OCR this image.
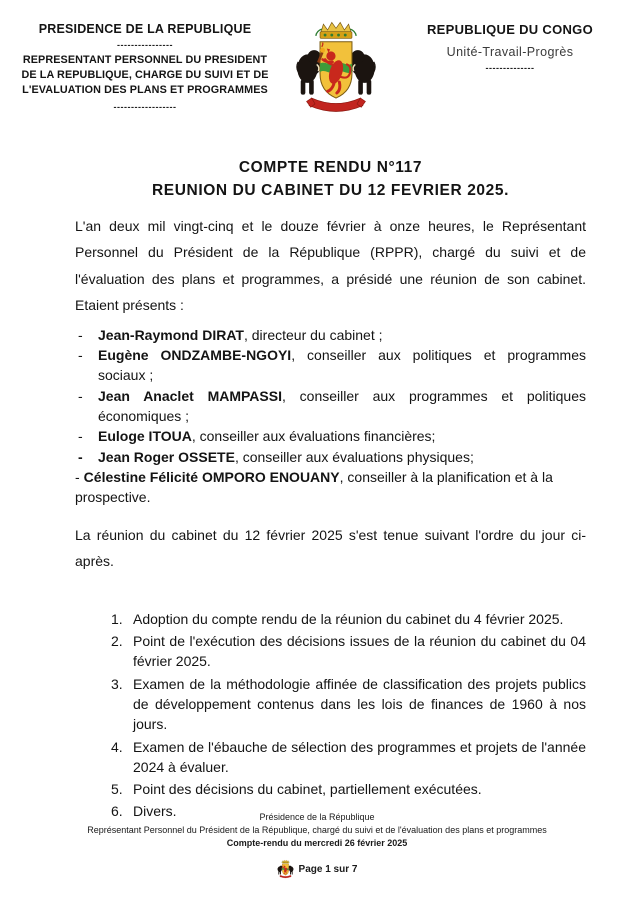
PRESIDENCE DE LA REPUBLIQUE
----------------
REPRESENTANT PERSONNEL DU PRESIDENT DE LA REPUBLIQUE, CHARGE DU SUIVI ET DE L'EVALUATION DES PLANS ET PROGRAMMES
------------------
REPUBLIQUE DU CONGO
Unité-Travail-Progrès
--------------
COMPTE RENDU N°117
REUNION DU CABINET DU 12 FEVRIER 2025.

L'an deux mil vingt-cinq et le douze février à onze heures, le Représentant Personnel du Président de la République (RPPR), chargé du suivi et de l'évaluation des plans et programmes, a présidé une réunion de son cabinet. Etaient présents :

-	Jean-Raymond DIRAT, directeur du cabinet ;
-	Eugène ONDZAMBE-NGOYI, conseiller aux politiques et programmes sociaux ;
-	Jean Anaclet MAMPASSI, conseiller aux programmes et politiques économiques ;
-	Euloge ITOUA, conseiller aux évaluations financières;
-	Jean Roger OSSETE, conseiller aux évaluations physiques;
- Célestine Félicité OMPORO ENOUANY, conseiller à la planification et à la prospective.

La réunion du cabinet du 12 février 2025 s'est tenue suivant l'ordre du jour ci-après.

1. Adoption du compte rendu de la réunion du cabinet du 4 février 2025.
2. Point de l'exécution des décisions issues de la réunion du cabinet du 04 février 2025.
3. Examen de la méthodologie affinée de classification des projets publics de développement contenus dans les lois de finances de 1960 à nos jours.
4. Examen de l'ébauche de sélection des programmes et projets de l'année 2024 à évaluer.
5. Point des décisions du cabinet, partiellement exécutées.
6. Divers.	Présidence de la République
Représentant Personnel du Président de la République, chargé du suivi et de l'évaluation des plans et programmes
Compte-rendu du mercredi 26 février 2025
Page 1 sur 7
